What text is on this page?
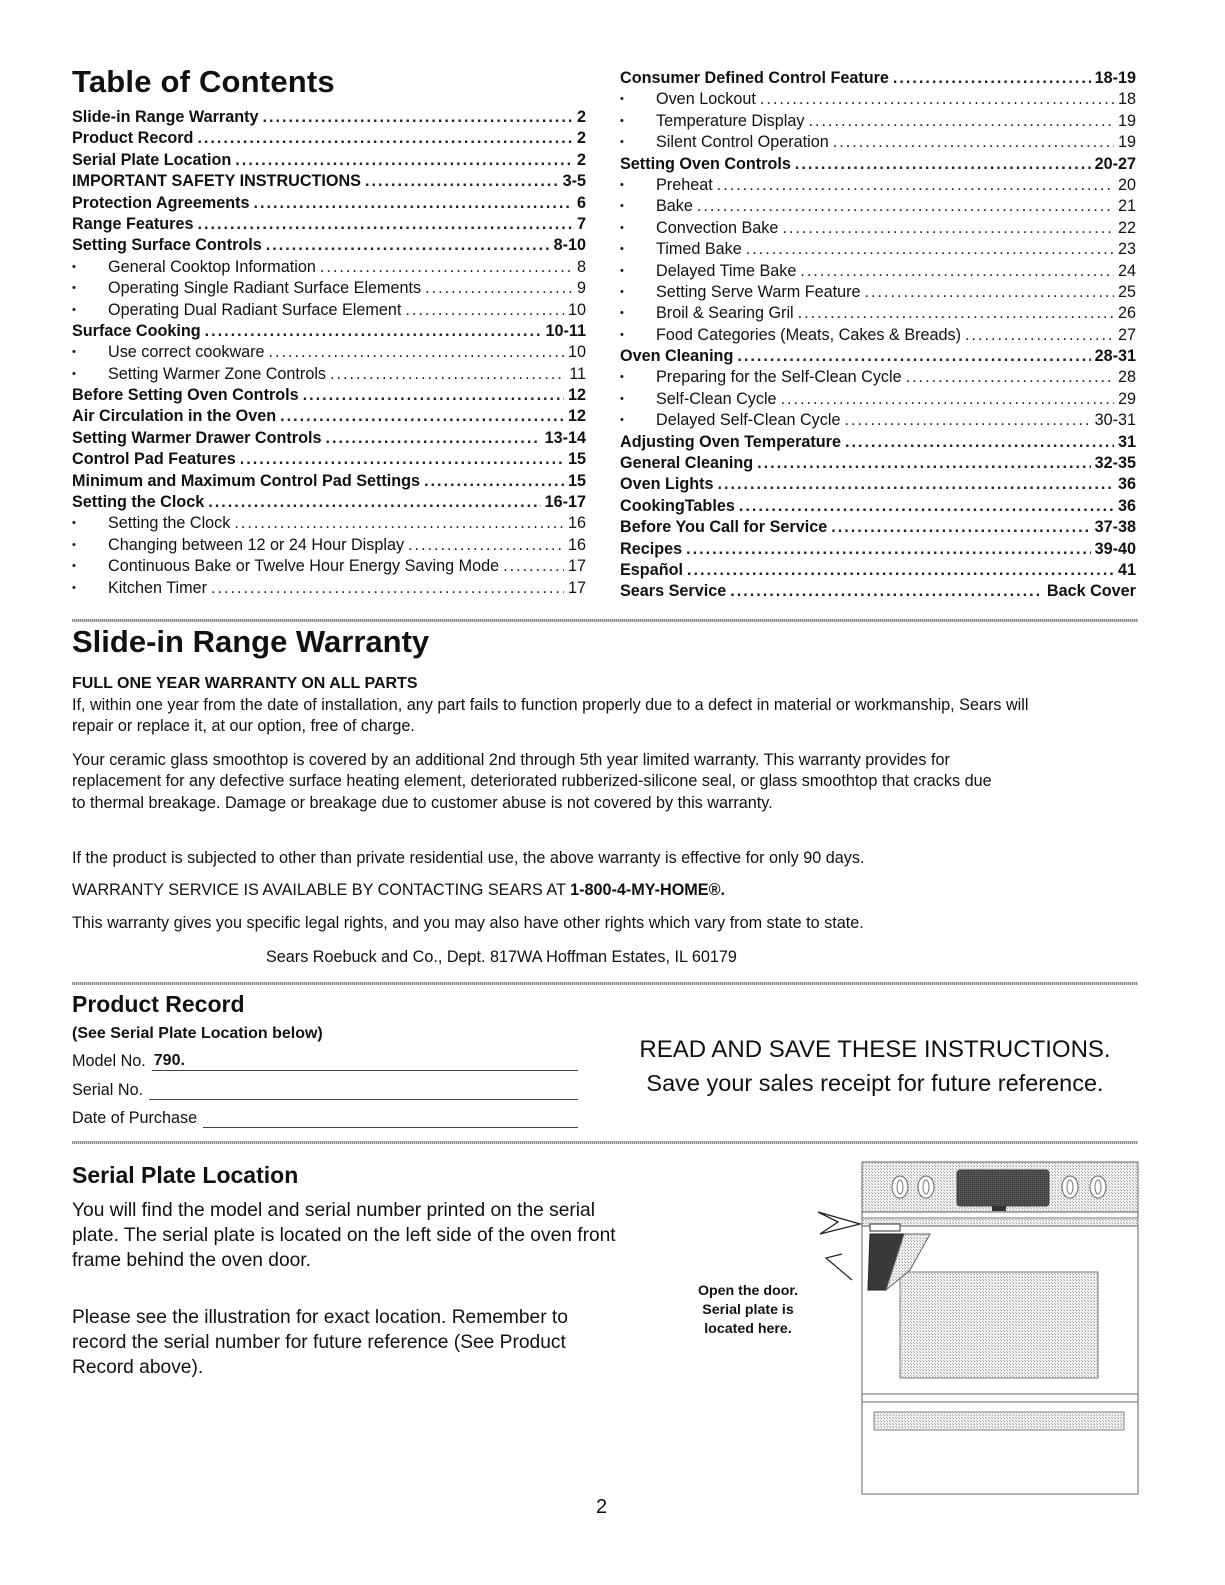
Table of Contents
Slide-in Range Warranty .....	2
Product Record .....	2
Serial Plate Location .....	2
IMPORTANT SAFETY INSTRUCTIONS .....	3-5
Protection Agreements .....	6
Range Features .....	7
Setting Surface Controls .....	8-10
• General Cooktop Information .....	8
• Operating Single Radiant Surface Elements .....	9
• Operating Dual Radiant Surface Element .....	10
Surface Cooking .....	10-11
• Use correct cookware .....	10
• Setting Warmer Zone Controls .....	11
Before Setting Oven Controls .....	12
Air Circulation in the Oven .....	12
Setting Warmer Drawer Controls .....	13-14
Control Pad Features .....	15
Minimum and Maximum Control Pad Settings .....	15
Setting the Clock .....	16-17
• Setting the Clock .....	16
• Changing between 12 or 24 Hour Display .....	16
• Continuous Bake or Twelve Hour Energy Saving Mode .....	17
• Kitchen Timer .....	17
Consumer Defined Control Feature .....	18-19
• Oven Lockout .....	18
• Temperature Display .....	19
• Silent Control Operation .....	19
Setting Oven Controls .....	20-27
• Preheat .....	20
• Bake .....	21
• Convection Bake .....	22
• Timed Bake .....	23
• Delayed Time Bake .....	24
• Setting Serve Warm Feature .....	25
• Broil & Searing Gril .....	26
• Food Categories (Meats, Cakes & Breads) .....	27
Oven Cleaning .....	28-31
• Preparing for the Self-Clean Cycle .....	28
• Self-Clean Cycle .....	29
• Delayed Self-Clean Cycle .....	30-31
Adjusting Oven Temperature .....	31
General Cleaning .....	32-35
Oven Lights .....	36
CookingTables .....	36
Before You Call for Service .....	37-38
Recipes .....	39-40
Español .....	41
Sears Service .....	Back Cover
Slide-in Range Warranty
FULL ONE YEAR WARRANTY ON ALL PARTS
If, within one year from the date of installation, any part fails to function properly due to a defect in material or workmanship, Sears will repair or replace it, at our option, free of charge.
Your ceramic glass smoothtop is covered by an additional 2nd through 5th year limited warranty. This warranty provides for replacement for any defective surface heating element, deteriorated rubberized-silicone seal, or glass smoothtop that cracks due to thermal breakage. Damage or breakage due to customer abuse is not covered by this warranty.
If the product is subjected to other than private residential use, the above warranty is effective for only 90 days.
WARRANTY SERVICE IS AVAILABLE BY CONTACTING SEARS AT 1-800-4-MY-HOME®.
This warranty gives you specific legal rights, and you may also have other rights which vary from state to state.
Sears Roebuck and Co., Dept. 817WA Hoffman Estates, IL 60179
Product Record
(See Serial Plate Location below)
Model No. 790.
Serial No.
Date of Purchase
READ AND SAVE THESE INSTRUCTIONS.
Save your sales receipt for future reference.
Serial Plate Location
You will find the model and serial number printed on the serial plate. The serial plate is located on the left side of the oven front frame behind the oven door.
Please see the illustration for exact location. Remember to record the serial number for future reference (See Product Record above).
Open the door.
Serial plate is
located here.
2
